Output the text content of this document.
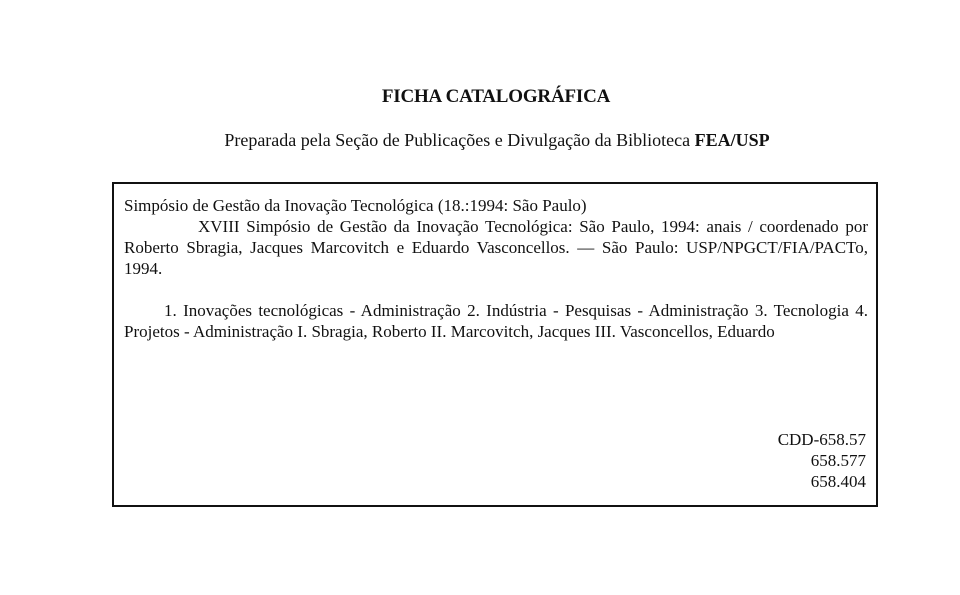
FICHA CATALOGRÁFICA
Preparada pela Seção de Publicações e Divulgação da Biblioteca FEA/USP

Simpósio de Gestão da Inovação Tecnológica (18.:1994: São Paulo)

XVIII Simpósio de Gestão da Inovação Tecnológica: São Paulo, 1994: anais / coordenado por Roberto Sbragia, Jacques Marcovitch e Eduardo Vasconcellos. — São Paulo: USP/NPGCT/FIA/PACTo, 1994.

1. Inovações tecnológicas - Administração 2. Indústria - Pesquisas - Administração 3. Tecnologia 4. Projetos - Administração I. Sbragia, Roberto II. Marcovitch, Jacques III. Vasconcellos, Eduardo

CDD-658.57
658.577
658.404
